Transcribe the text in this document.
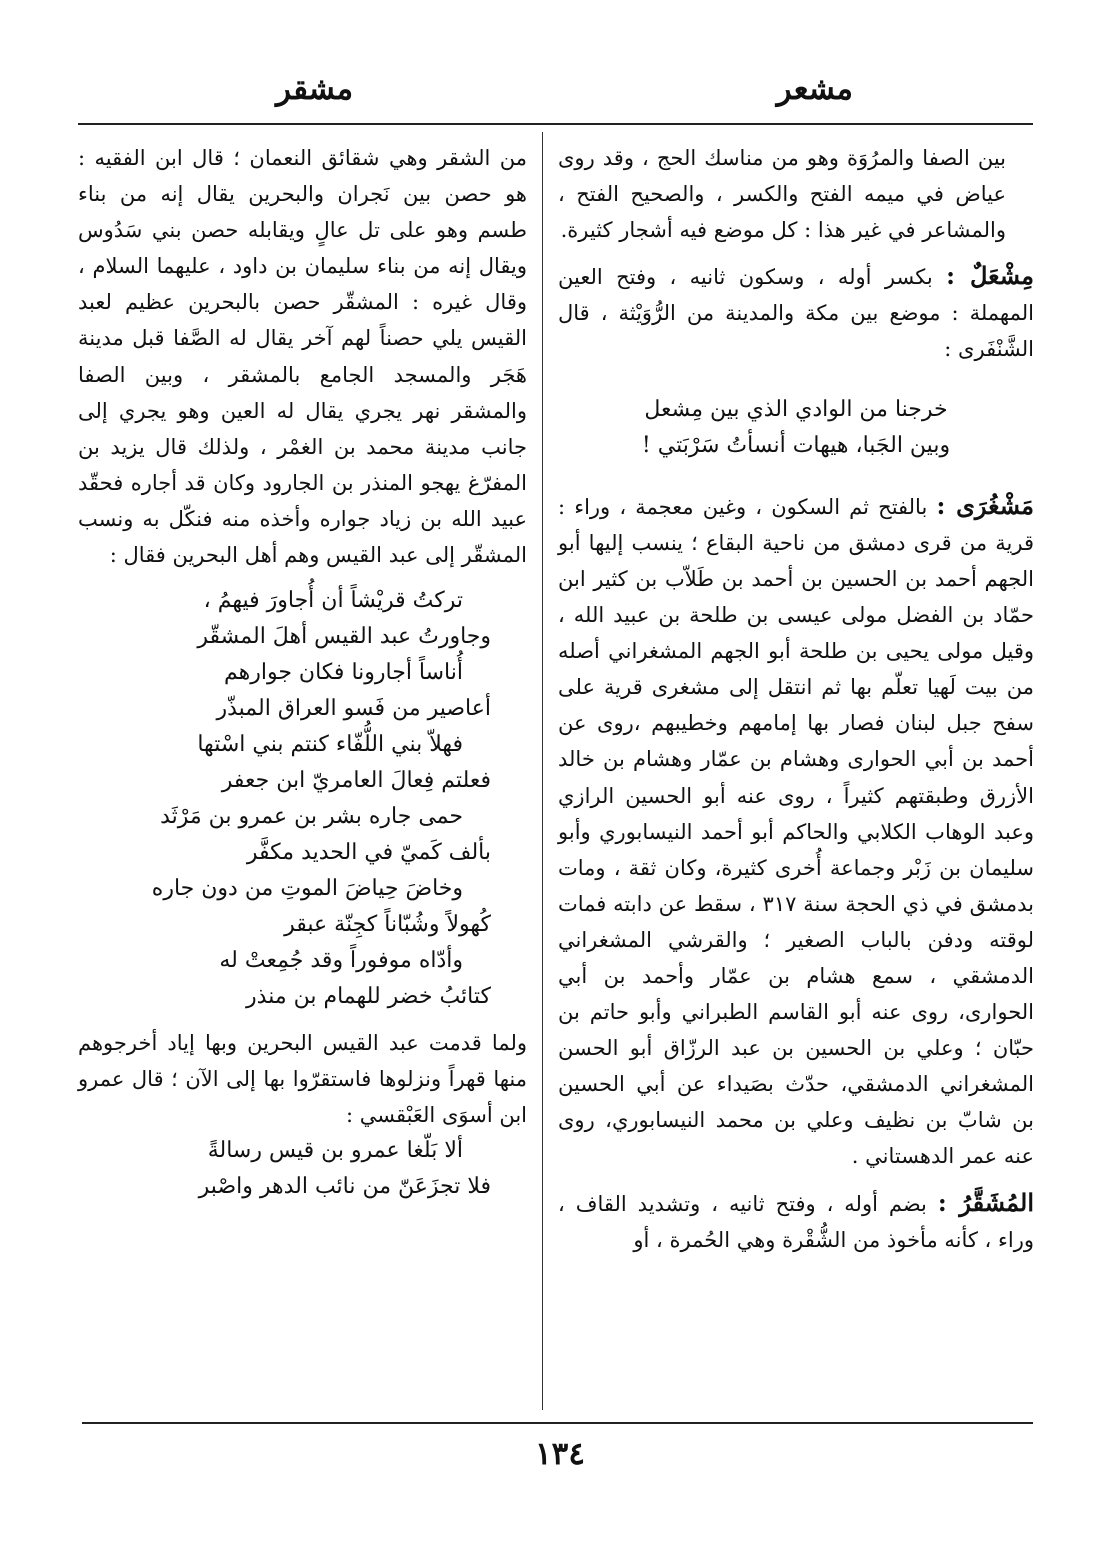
مشعر
مشقر

بين الصفا والمرُوَة وهو من مناسك الحج ، وقد روى عياض في ميمه الفتح والكسر ، والصحيح الفتح ، والمشاعر في غير هذا : كل موضع فيه أشجار كثيرة.

مِشْعَلٌ : بكسر أوله ، وسكون ثانيه ، وفتح العين المهملة : موضع بين مكة والمدينة من الرُّوَيْثة ، قال الشَّنْفَرى :

خرجنا من الوادي الذي بين مِشعل

وبين الجَبا، هيهات أنسأتُ سَرْبَتي !

مَشْغُرَى : بالفتح ثم السكون ، وغين معجمة ، وراء : قرية من قرى دمشق من ناحية البقاع ؛ ينسب إليها أبو الجهم أحمد بن الحسين بن أحمد بن طَلاّب بن كثير ابن حمّاد بن الفضل مولى عيسى بن طلحة بن عبيد الله ، وقيل مولى يحيى بن طلحة أبو الجهم المشغراني أصله من بيت لَهيا تعلّم بها ثم انتقل إلى مشغرى قرية على سفح جبل لبنان فصار بها إمامهم وخطيبهم ،روى عن أحمد بن أبي الحوارى وهشام بن عمّار وهشام بن خالد الأزرق وطبقتهم كثيراً ، روى عنه أبو الحسين الرازي وعبد الوهاب الكلابي والحاكم أبو أحمد النيسابوري وأبو سليمان بن زَبْر وجماعة أُخرى كثيرة، وكان ثقة ، ومات بدمشق في ذي الحجة سنة ٣١٧ ، سقط عن دابته فمات لوقته ودفن بالباب الصغير ؛ والقرشي المشغراني الدمشقي ، سمع هشام بن عمّار وأحمد بن أبي الحوارى، روى عنه أبو القاسم الطبراني وأبو حاتم بن حبّان ؛ وعلي بن الحسين بن عبد الرزّاق أبو الحسن المشغراني الدمشقي، حدّث بصَيداء عن أبي الحسين بن شابّ بن نظيف وعلي بن محمد النيسابوري، روى عنه عمر الدهستاني .

المُشَقَّرُ : بضم أوله ، وفتح ثانيه ، وتشديد القاف ، وراء ، كأنه مأخوذ من الشُّقْرة وهي الحُمرة ، أو

من الشقر وهي شقائق النعمان ؛ قال ابن الفقيه : هو حصن بين نَجران والبحرين يقال إنه من بناء طسم وهو على تل عالٍ ويقابله حصن بني سَدُوس ويقال إنه من بناء سليمان بن داود ، عليهما السلام ، وقال غيره : المشقّر حصن بالبحرين عظيم لعبد القيس يلي حصناً لهم آخر يقال له الصَّفا قبل مدينة هَجَر والمسجد الجامع بالمشقر ، وبين الصفا والمشقر نهر يجري يقال له العين وهو يجري إلى جانب مدينة محمد بن الغمْر ، ولذلك قال يزيد بن المفرّغ يهجو المنذر بن الجارود وكان قد أجاره فحقّد عبيد الله بن زياد جواره وأخذه منه فنكّل به ونسب المشقّر إلى عبد القيس وهم أهل البحرين فقال :

تركتُ قريْشاً أن أُجاورَ فيهمُ ،

وجاورتُ عبد القيس أهلَ المشقّر

أُناساً أجارونا فكان جوارهم

أعاصير من فَسو العراق المبذّر

فهلاّ بني اللُّفّاء كنتم بني اسْتها

فعلتم فِعالَ العامريّ ابن جعفر

حمى جاره بشر بن عمرو بن مَرْثَد

بألف كَميّ في الحديد مكفَّر

وخاضَ حِياضَ الموتِ من دون جاره

كُهولاً وشُبّاناً كجِنّة عبقر

وأدّاه موفوراً وقد جُمِعتْ له

كتائبُ خضر للهمام بن منذر

ولما قدمت عبد القيس البحرين وبها إياد أخرجوهم منها قهراً ونزلوها فاستقرّوا بها إلى الآن ؛ قال عمرو ابن أسوَى العَبْقسي :

ألا بَلّغا عمرو بن قيس رسالةً

فلا تجزَعَنّ من نائب الدهر واصْبر

١٣٤
